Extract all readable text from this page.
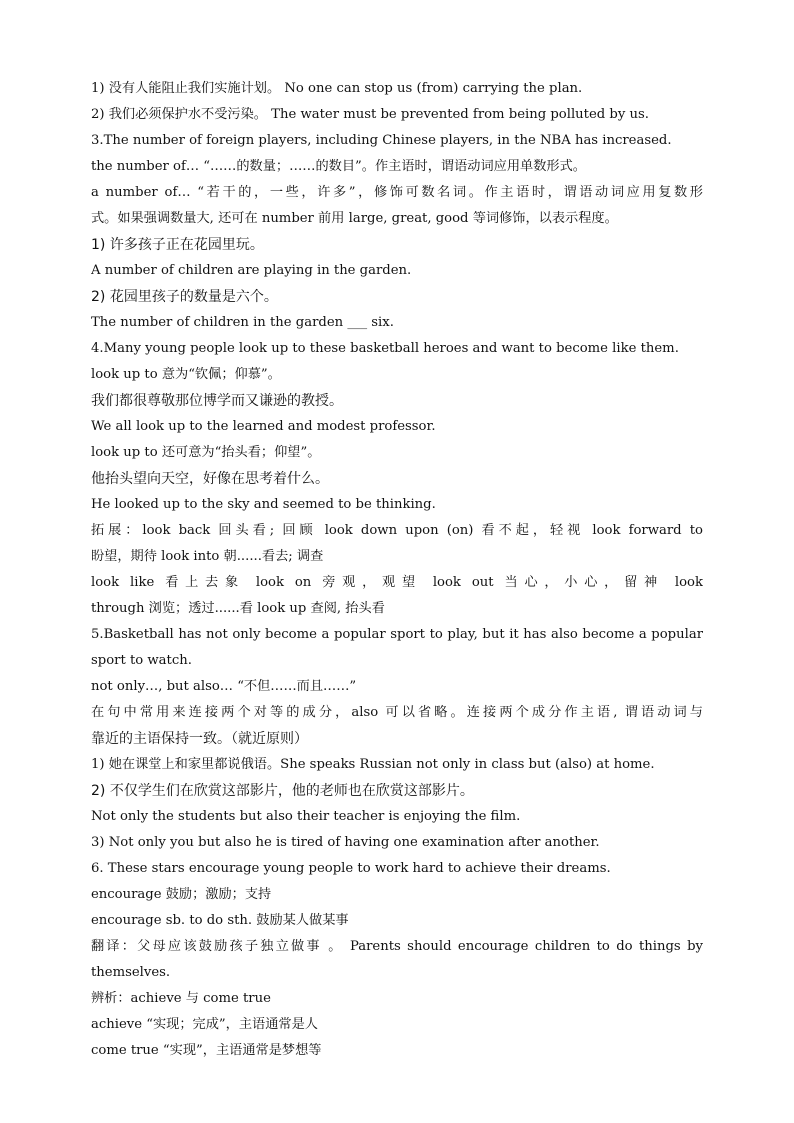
1) 没有人能阻止我们实施计划。 No one can stop us (from) carrying the plan.
2) 我们必须保护水不受污染。 The water must be prevented from being polluted by us.
3.The number of foreign players, including Chinese players, in the NBA has increased.
the number of… “……的数量；……的数目”。作主语时，谓语动词应用单数形式。
a number of… “若干的，一些，许多”，修饰可数名词。作主语时，谓语动词应用复数形
式。如果强调数量大, 还可在 number 前用 large, great, good 等词修饰，以表示程度。
1) 许多孩子正在花园里玩。
A number of children are playing in the garden.
2) 花园里孩子的数量是六个。
The number of children in the garden ___ six.
4.Many young people look up to these basketball heroes and want to become like them.
look up to 意为“钦佩；仰慕”。
我们都很尊敬那位博学而又谦逊的教授。
We all look up to the learned and modest professor.
look up to 还可意为“抬头看；仰望”。
他抬头望向天空，好像在思考着什么。
He looked up to the sky and seemed to be thinking.
拓展：look back 回头看; 回顾 look down upon (on) 看不起，轻视 look forward to
盼望，期待 look into 朝......看去; 调查
look like 看上去象 look on 旁观，观望 look out 当心，小心，留神 look
through 浏览；透过......看 look up 查阅, 抬头看
5.Basketball has not only become a popular sport to play, but it has also become a popular
sport to watch.
not only…, but also… “不但……而且……”
在句中常用来连接两个对等的成分，also 可以省略。连接两个成分作主语, 谓语动词与
靠近的主语保持一致。（就近原则）
1) 她在课堂上和家里都说俄语。She speaks Russian not only in class but (also) at home.
2) 不仅学生们在欣赏这部影片，他的老师也在欣赏这部影片。
Not only the students but also their teacher is enjoying the film.
3) Not only you but also he is tired of having one examination after another.
6. These stars encourage young people to work hard to achieve their dreams.
encourage 鼓励；激励；支持
encourage sb. to do sth. 鼓励某人做某事
翻译：父母应该鼓励孩子独立做事 。 Parents should encourage children to do things by
themselves.
辨析：achieve 与 come true
achieve “实现；完成”，主语通常是人
come true “实现”，主语通常是梦想等
